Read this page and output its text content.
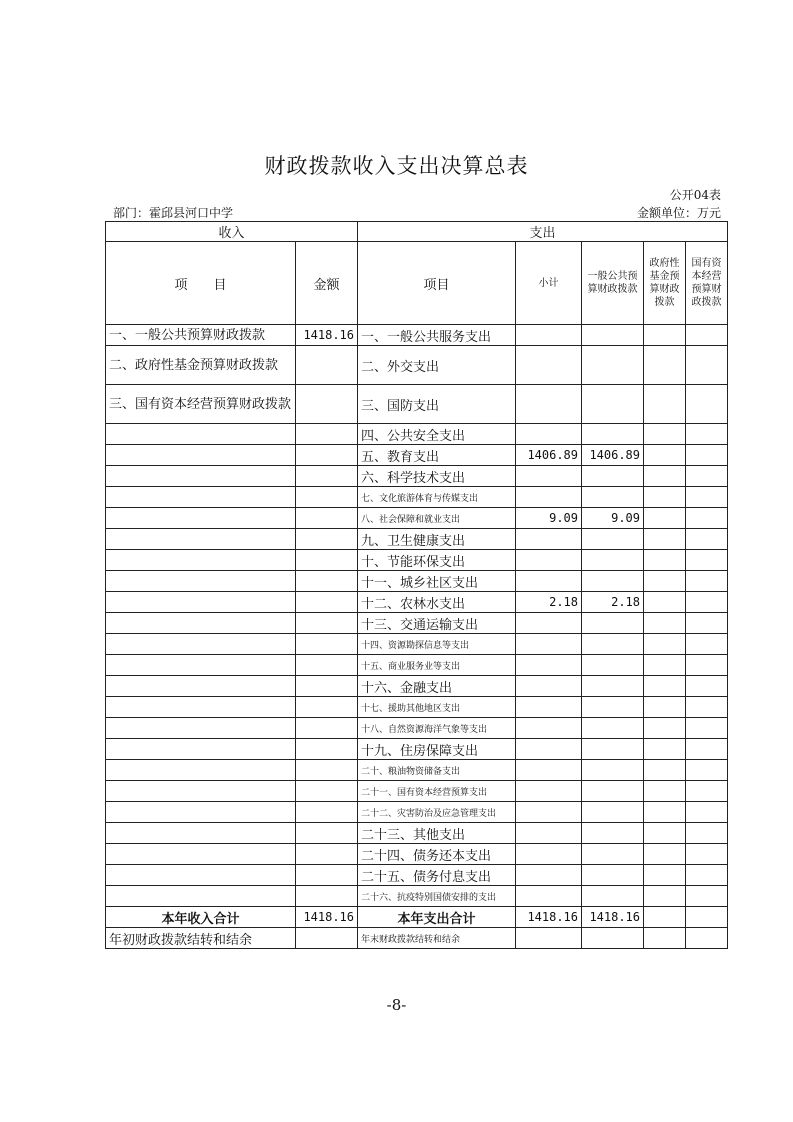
财政拨款收入支出决算总表
公开04表
部门：霍邱县河口中学	金额单位：万元
收入		支出				
项　　目	金额	项目	小计	一般公共预算财政拨款	政府性基金预算财政拨款	国有资本经营预算财政拨款
一、一般公共预算财政拨款	1418.16	一、一般公共服务支出				
二、政府性基金预算财政拨款		二、外交支出				
三、国有资本经营预算财政拨款		三、国防支出				
		四、公共安全支出				
		五、教育支出	1406.89	1406.89		
		六、科学技术支出				
		七、文化旅游体育与传媒支出				
		八、社会保障和就业支出	9.09	9.09		
		九、卫生健康支出				
		十、节能环保支出				
		十一、城乡社区支出				
		十二、农林水支出	2.18	2.18		
		十三、交通运输支出				
		十四、资源勘探信息等支出				
		十五、商业服务业等支出				
		十六、金融支出				
		十七、援助其他地区支出				
		十八、自然资源海洋气象等支出				
		十九、住房保障支出				
		二十、粮油物资储备支出				
		二十一、国有资本经营预算支出				
		二十二、灾害防治及应急管理支出				
		二十三、其他支出				
		二十四、债务还本支出				
		二十五、债务付息支出				
		二十六、抗疫特别国债安排的支出				
本年收入合计	1418.16	本年支出合计	1418.16	1418.16		
年初财政拨款结转和结余		年末财政拨款结转和结余				
-8-
